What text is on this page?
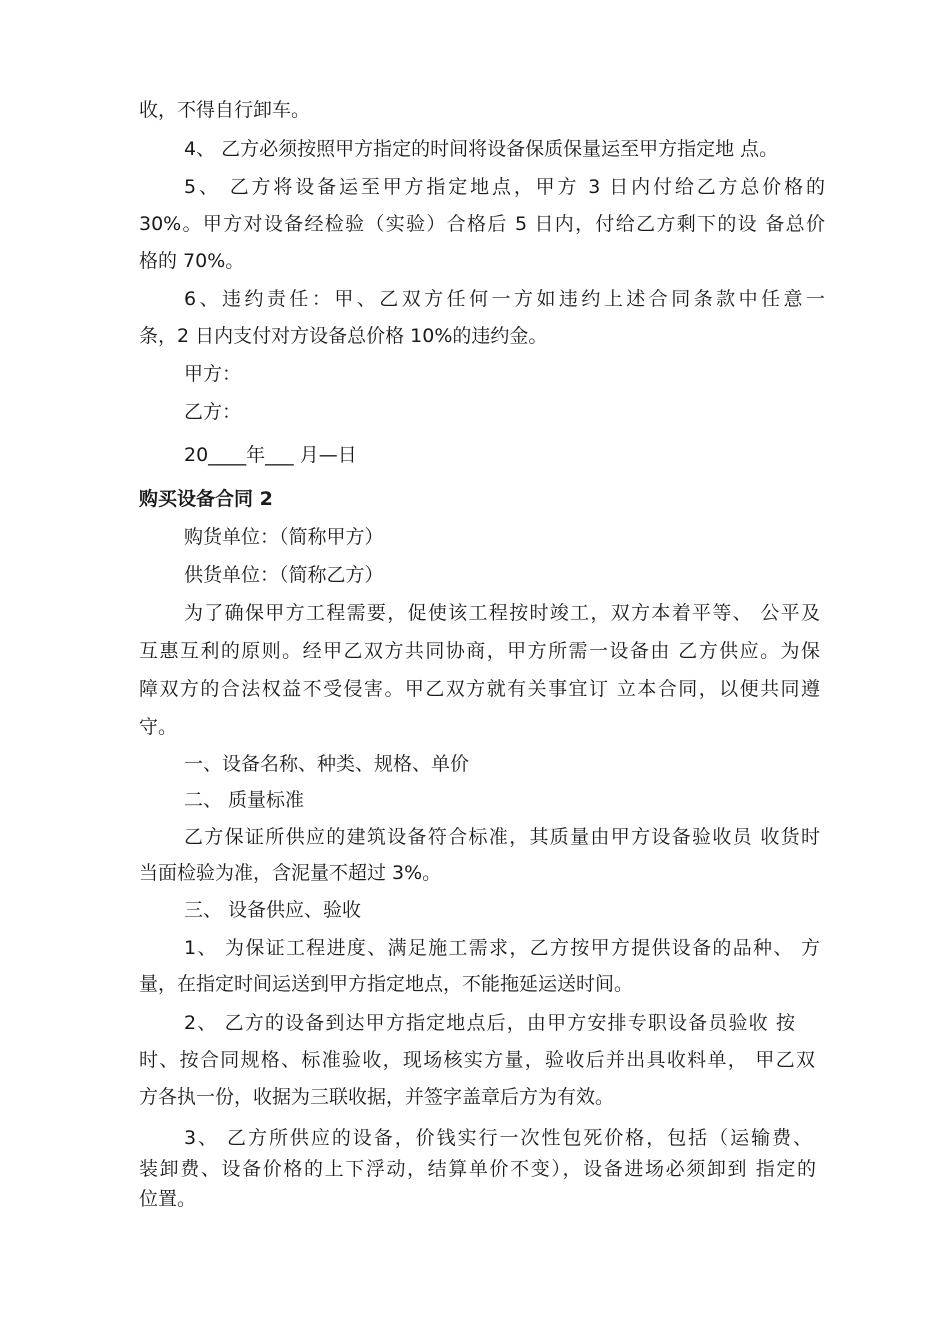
收，不得自行卸车。

4、 乙方必须按照甲方指定的时间将设备保质保量运至甲方指定地 点。

5、 乙方将设备运至甲方指定地点，甲方 3 日内付给乙方总价格的

30%。甲方对设备经检验（实验）合格后 5 日内，付给乙方剩下的设 备总价

格的 70%。

6、违约责任：甲、乙双方任何一方如违约上述合同条款中任意一

条，2 日内支付对方设备总价格 10%的违约金。

甲方：

乙方：

20____年___ 月—日

购买设备合同 2

购货单位：（简称甲方）

供货单位：（简称乙方）

为了确保甲方工程需要，促使该工程按时竣工，双方本着平等、 公平及

互惠互利的原则。经甲乙双方共同协商，甲方所需一设备由 乙方供应。为保

障双方的合法权益不受侵害。甲乙双方就有关事宜订 立本合同，以便共同遵

守。

一、设备名称、种类、规格、单价

二、 质量标准

乙方保证所供应的建筑设备符合标准，其质量由甲方设备验收员 收货时

当面检验为准，含泥量不超过 3%。

三、 设备供应、验收

1、 为保证工程进度、满足施工需求，乙方按甲方提供设备的品种、 方

量，在指定时间运送到甲方指定地点，不能拖延运送时间。

2、 乙方的设备到达甲方指定地点后，由甲方安排专职设备员验收 按

时、按合同规格、标准验收，现场核实方量，验收后并出具收料单， 甲乙双

方各执一份，收据为三联收据，并签字盖章后方为有效。

3、 乙方所供应的设备，价钱实行一次性包死价格，包括（运输费、

装卸费、设备价格的上下浮动，结算单价不变），设备进场必须卸到 指定的

位置。
